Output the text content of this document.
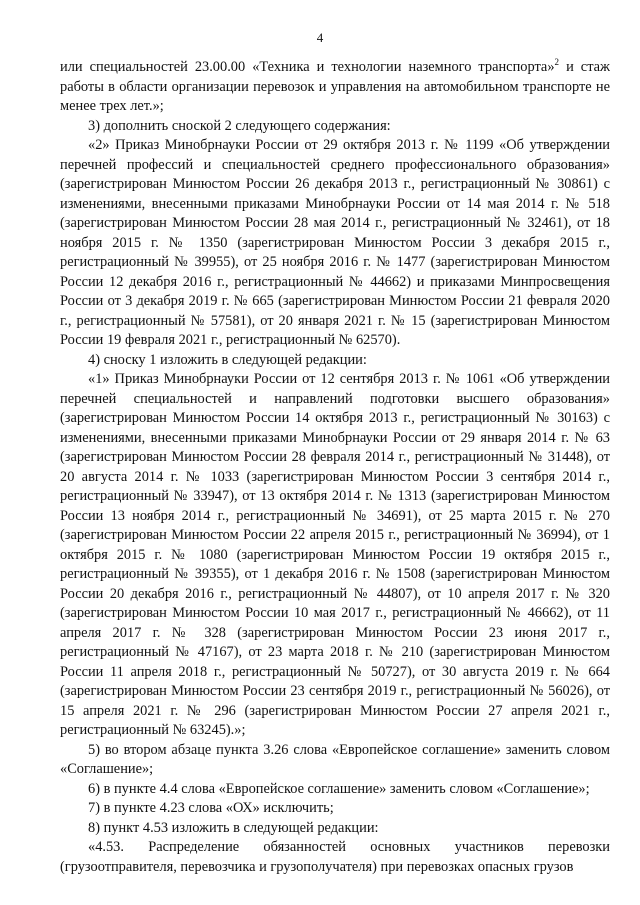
4

или специальностей 23.00.00 «Техника и технологии наземного транспорта»$^2$ и стаж работы в области организации перевозок и управления на автомобильном транспорте не менее трех лет.»;

3) дополнить сноской 2 следующего содержания:

«2» Приказ Минобрнауки России от 29 октября 2013 г. № 1199 «Об утверждении перечней профессий и специальностей среднего профессионального образования» (зарегистрирован Минюстом России 26 декабря 2013 г., регистрационный № 30861) с изменениями, внесенными приказами Минобрнауки России от 14 мая 2014 г. № 518 (зарегистрирован Минюстом России 28 мая 2014 г., регистрационный № 32461), от 18 ноября 2015 г. № 1350 (зарегистрирован Минюстом России 3 декабря 2015 г., регистрационный № 39955), от 25 ноября 2016 г. № 1477 (зарегистрирован Минюстом России 12 декабря 2016 г., регистрационный № 44662) и приказами Минпросвещения России от 3 декабря 2019 г. № 665 (зарегистрирован Минюстом России 21 февраля 2020 г., регистрационный № 57581), от 20 января 2021 г. № 15 (зарегистрирован Минюстом России 19 февраля 2021 г., регистрационный № 62570).

4) сноску 1 изложить в следующей редакции:

«1» Приказ Минобрнауки России от 12 сентября 2013 г. № 1061 «Об утверждении перечней специальностей и направлений подготовки высшего образования» (зарегистрирован Минюстом России 14 октября 2013 г., регистрационный № 30163) с изменениями, внесенными приказами Минобрнауки России от 29 января 2014 г. № 63 (зарегистрирован Минюстом России 28 февраля 2014 г., регистрационный № 31448), от 20 августа 2014 г. № 1033 (зарегистрирован Минюстом России 3 сентября 2014 г., регистрационный № 33947), от 13 октября 2014 г. № 1313 (зарегистрирован Минюстом России 13 ноября 2014 г., регистрационный № 34691), от 25 марта 2015 г. № 270 (зарегистрирован Минюстом России 22 апреля 2015 г., регистрационный № 36994), от 1 октября 2015 г. № 1080 (зарегистрирован Минюстом России 19 октября 2015 г., регистрационный № 39355), от 1 декабря 2016 г. № 1508 (зарегистрирован Минюстом России 20 декабря 2016 г., регистрационный № 44807), от 10 апреля 2017 г. № 320 (зарегистрирован Минюстом России 10 мая 2017 г., регистрационный № 46662), от 11 апреля 2017 г. № 328 (зарегистрирован Минюстом России 23 июня 2017 г., регистрационный № 47167), от 23 марта 2018 г. № 210 (зарегистрирован Минюстом России 11 апреля 2018 г., регистрационный № 50727), от 30 августа 2019 г. № 664 (зарегистрирован Минюстом России 23 сентября 2019 г., регистрационный № 56026), от 15 апреля 2021 г. № 296 (зарегистрирован Минюстом России 27 апреля 2021 г., регистрационный № 63245).»;

5) во втором абзаце пункта 3.26 слова «Европейское соглашение» заменить словом «Соглашение»;

6) в пункте 4.4 слова «Европейское соглашение» заменить словом «Соглашение»;

7) в пункте 4.23 слова «ОХ» исключить;

8) пункт 4.53 изложить в следующей редакции:

«4.53. Распределение обязанностей основных участников перевозки (грузоотправителя, перевозчика и грузополучателя) при перевозках опасных грузов
